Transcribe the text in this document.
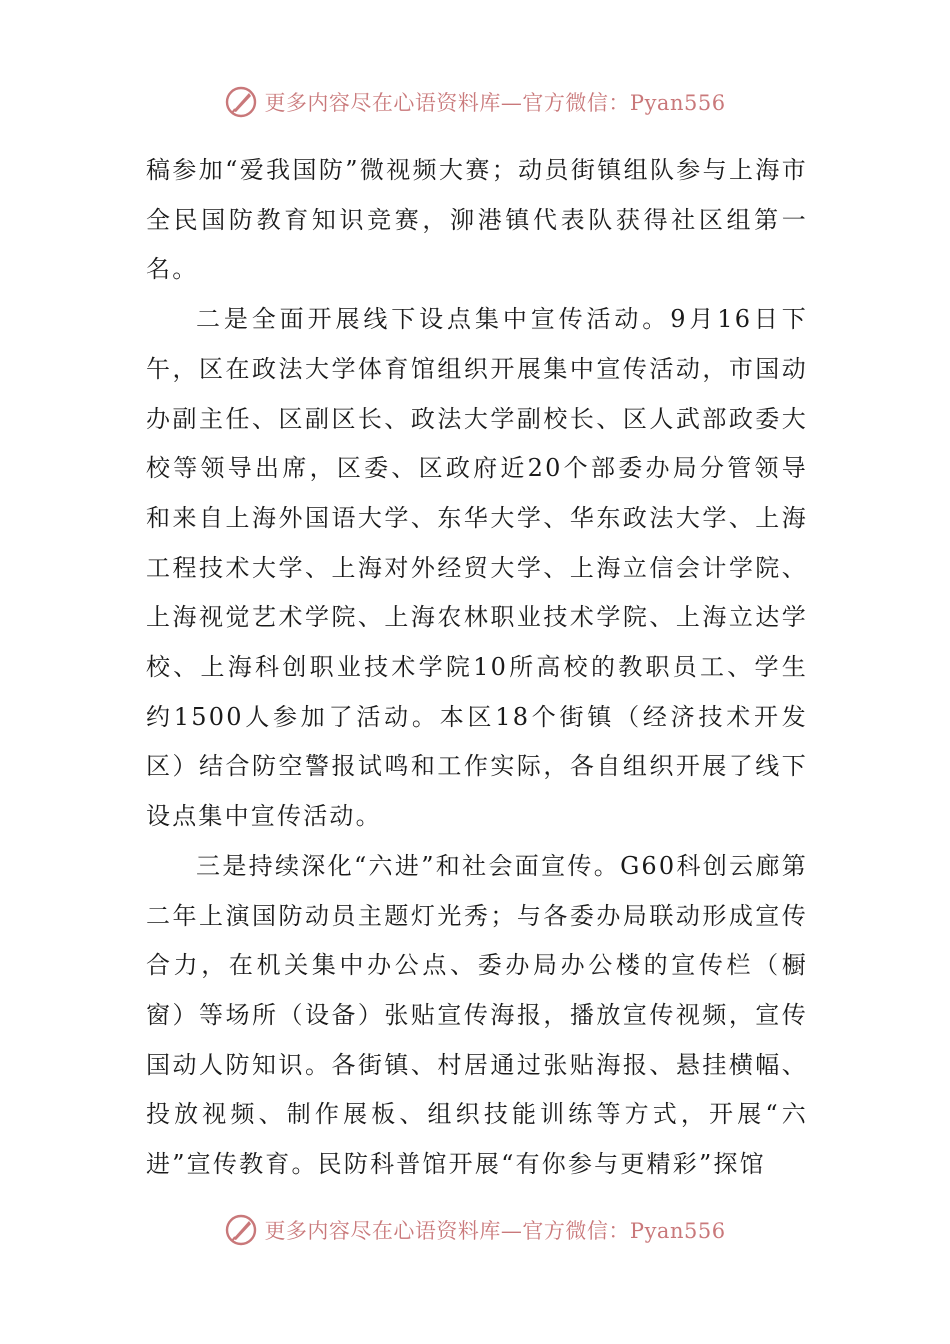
更多内容尽在心语资料库—官方微信：Pyan556

稿参加“爱我国防”微视频大赛；动员街镇组队参与上海市全民国防教育知识竞赛，泖港镇代表队获得社区组第一名。

二是全面开展线下设点集中宣传活动。9月16日下午，区在政法大学体育馆组织开展集中宣传活动，市国动办副主任、区副区长、政法大学副校长、区人武部政委大校等领导出席，区委、区政府近20个部委办局分管领导和来自上海外国语大学、东华大学、华东政法大学、上海工程技术大学、上海对外经贸大学、上海立信会计学院、上海视觉艺术学院、上海农林职业技术学院、上海立达学校、上海科创职业技术学院10所高校的教职员工、学生约1500人参加了活动。本区18个街镇（经济技术开发区）结合防空警报试鸣和工作实际，各自组织开展了线下设点集中宣传活动。

三是持续深化“六进”和社会面宣传。G60科创云廊第二年上演国防动员主题灯光秀；与各委办局联动形成宣传合力，在机关集中办公点、委办局办公楼的宣传栏（橱窗）等场所（设备）张贴宣传海报，播放宣传视频，宣传国动人防知识。各街镇、村居通过张贴海报、悬挂横幅、投放视频、制作展板、组织技能训练等方式，开展“六进”宣传教育。民防科普馆开展“有你参与更精彩”探馆

更多内容尽在心语资料库—官方微信：Pyan556
